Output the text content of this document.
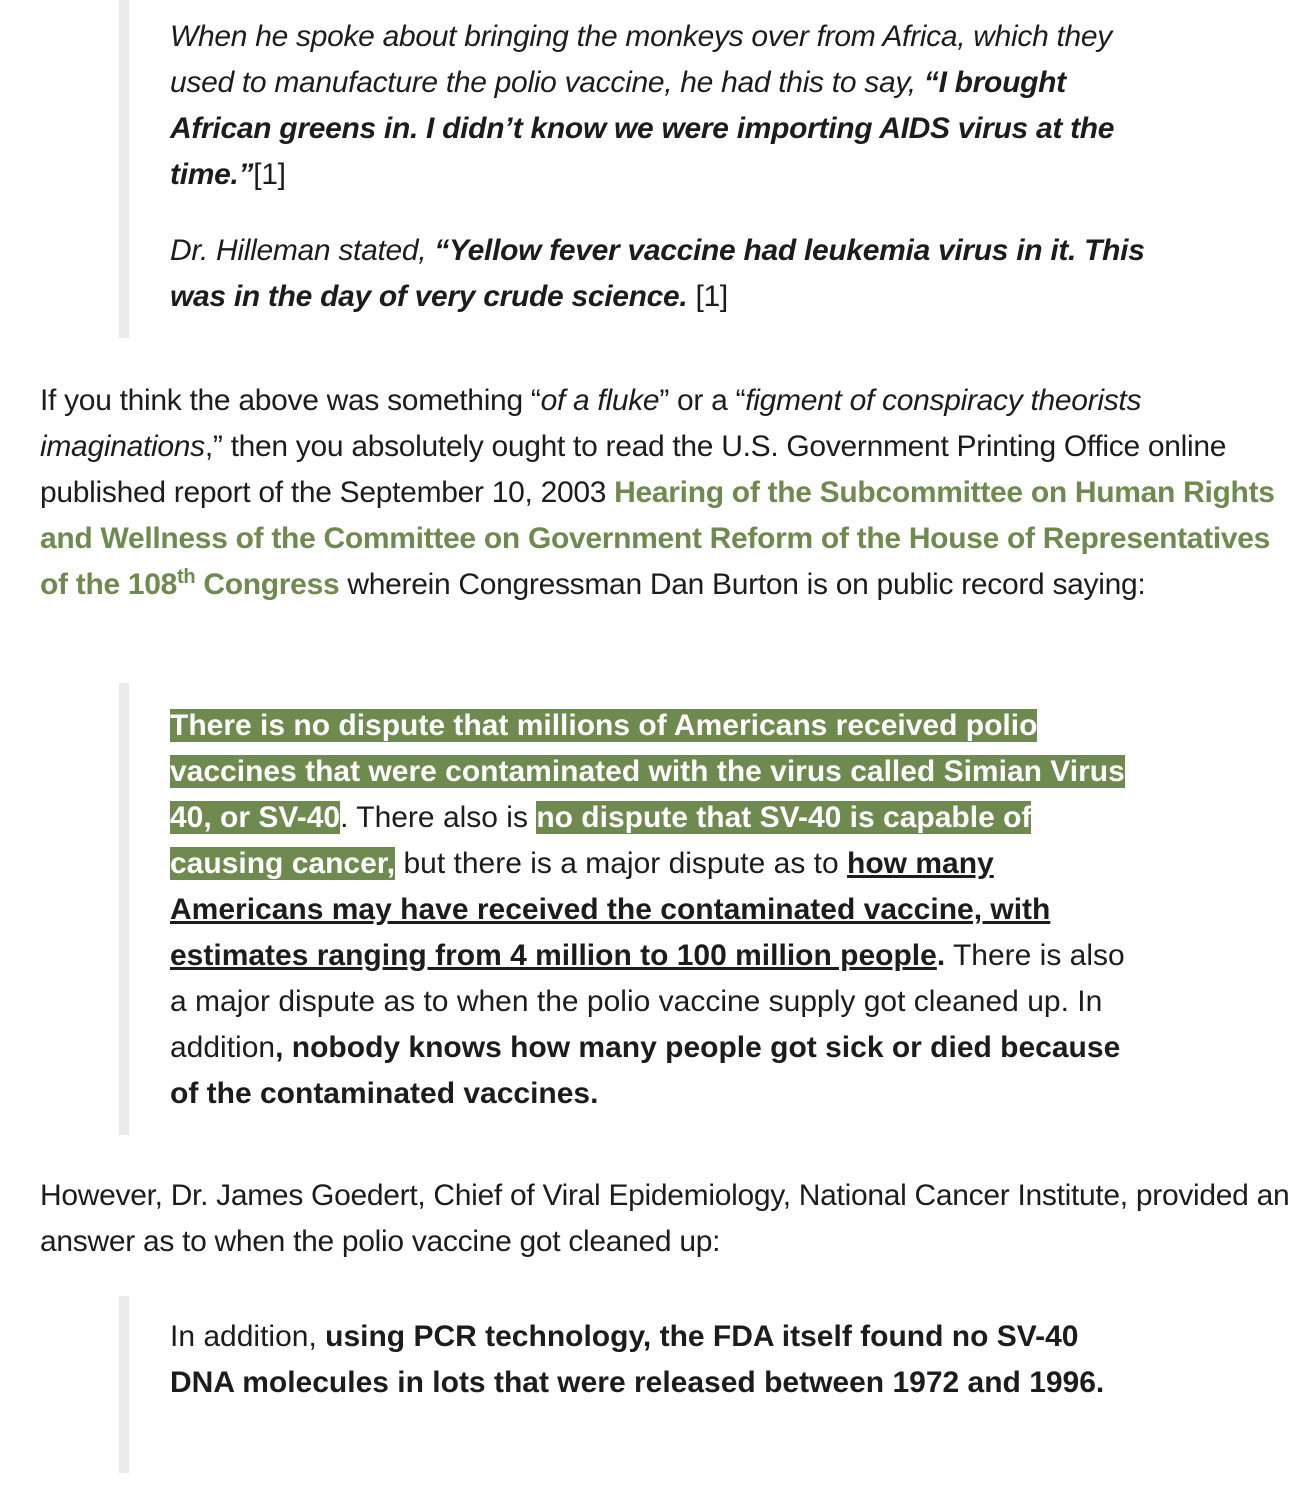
When he spoke about bringing the monkeys over from Africa, which they used to manufacture the polio vaccine, he had this to say, “I brought African greens in. I didn’t know we were importing AIDS virus at the time.”[1]

Dr. Hilleman stated, “Yellow fever vaccine had leukemia virus in it. This was in the day of very crude science. [1]

If you think the above was something “of a fluke” or a “figment of conspiracy theorists imaginations,” then you absolutely ought to read the U.S. Government Printing Office online published report of the September 10, 2003 Hearing of the Subcommittee on Human Rights and Wellness of the Committee on Government Reform of the House of Representatives of the 108th Congress wherein Congressman Dan Burton is on public record saying:

There is no dispute that millions of Americans received polio vaccines that were contaminated with the virus called Simian Virus 40, or SV-40. There also is no dispute that SV-40 is capable of causing cancer, but there is a major dispute as to how many Americans may have received the contaminated vaccine, with estimates ranging from 4 million to 100 million people. There is also a major dispute as to when the polio vaccine supply got cleaned up. In addition, nobody knows how many people got sick or died because of the contaminated vaccines.

However, Dr. James Goedert, Chief of Viral Epidemiology, National Cancer Institute, provided an answer as to when the polio vaccine got cleaned up:

In addition, using PCR technology, the FDA itself found no SV-40 DNA molecules in lots that were released between 1972 and 1996.
